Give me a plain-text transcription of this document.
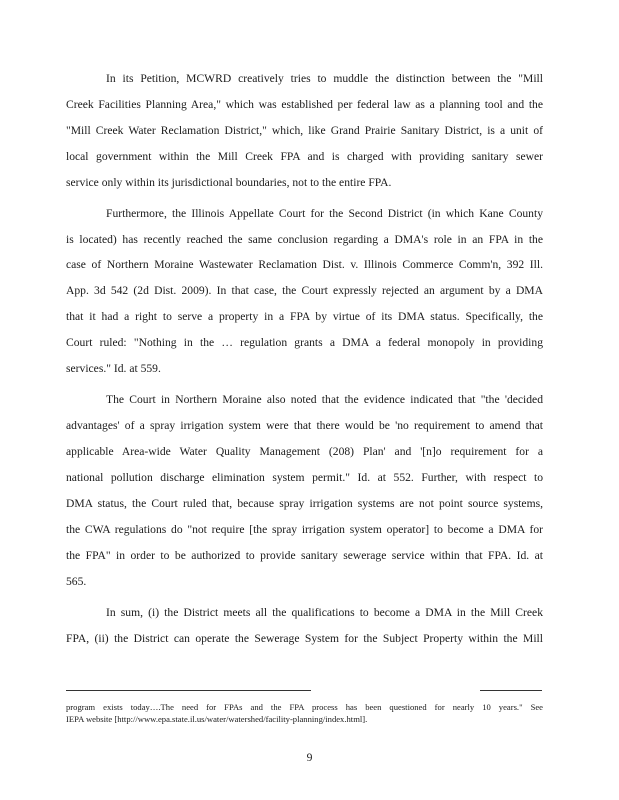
In its Petition, MCWRD creatively tries to muddle the distinction between the "Mill
Creek Facilities Planning Area," which was established per federal law as a planning tool and the
"Mill Creek Water Reclamation District," which, like Grand Prairie Sanitary District, is a unit of
local government within the Mill Creek FPA and is charged with providing sanitary sewer
service only within its jurisdictional boundaries, not to the entire FPA.
Furthermore, the Illinois Appellate Court for the Second District (in which Kane County
is located) has recently reached the same conclusion regarding a DMA's role in an FPA in the
case of Northern Moraine Wastewater Reclamation Dist. v. Illinois Commerce Comm'n, 392 Ill.
App. 3d 542 (2d Dist. 2009). In that case, the Court expressly rejected an argument by a DMA
that it had a right to serve a property in a FPA by virtue of its DMA status. Specifically, the
Court ruled: "Nothing in the … regulation grants a DMA a federal monopoly in providing
services." Id. at 559.
The Court in Northern Moraine also noted that the evidence indicated that "the 'decided
advantages' of a spray irrigation system were that there would be 'no requirement to amend that
applicable Area-wide Water Quality Management (208) Plan' and '[n]o requirement for a
national pollution discharge elimination system permit." Id. at 552. Further, with respect to
DMA status, the Court ruled that, because spray irrigation systems are not point source systems,
the CWA regulations do "not require [the spray irrigation system operator] to become a DMA for
the FPA" in order to be authorized to provide sanitary sewerage service within that FPA. Id. at
565.
In sum, (i) the District meets all the qualifications to become a DMA in the Mill Creek
FPA, (ii) the District can operate the Sewerage System for the Subject Property within the Mill
program exists today….The need for FPAs and the FPA process has been questioned for nearly 10 years." See
IEPA website [http://www.epa.state.il.us/water/watershed/facility-planning/index.html].
9
